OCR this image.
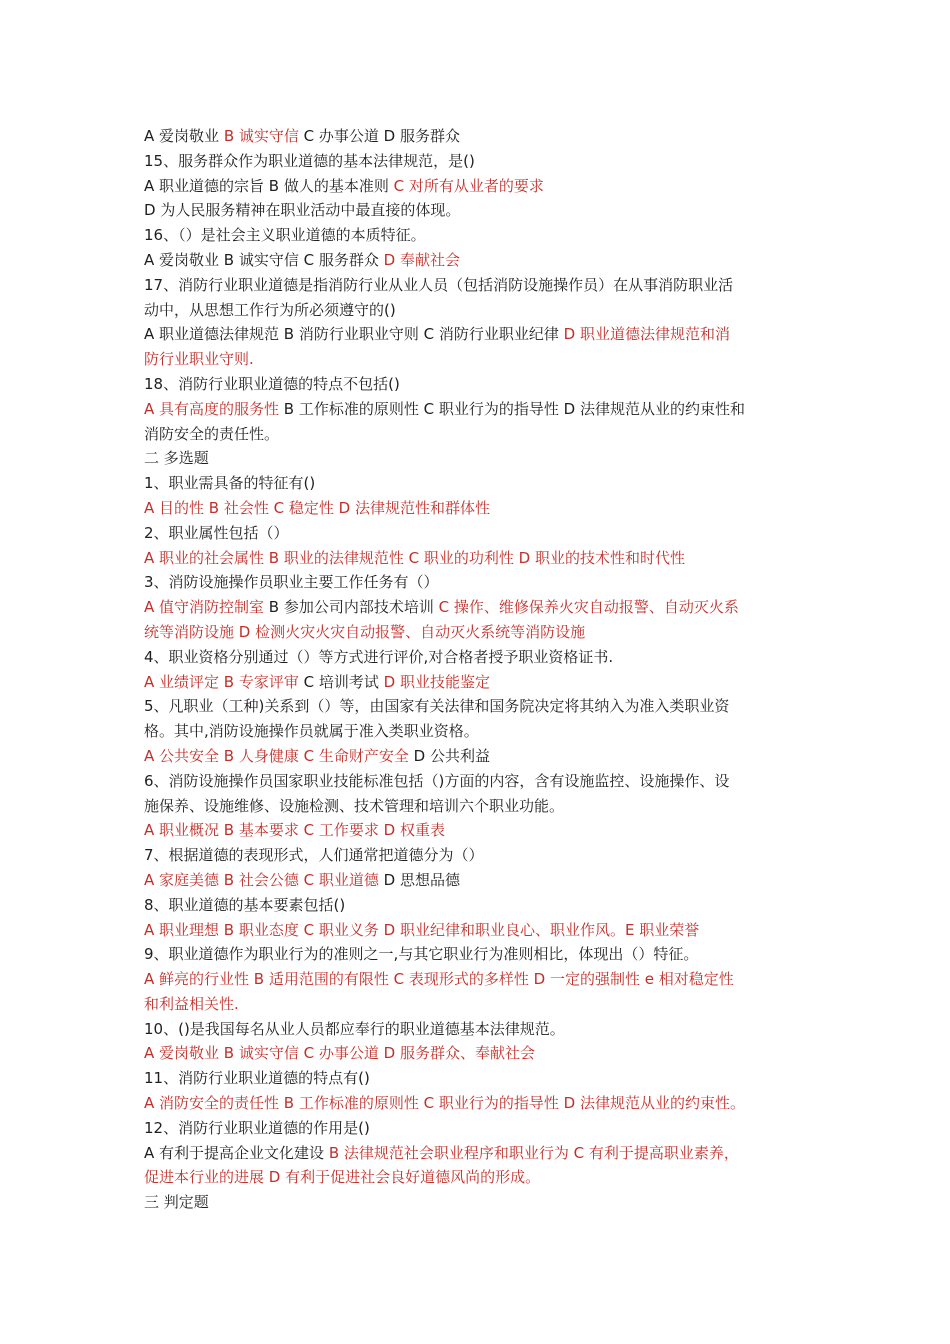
A 爱岗敬业 B 诚实守信 C 办事公道 D 服务群众
15、服务群众作为职业道德的基本法律规范，是()
A 职业道德的宗旨 B 做人的基本准则 C 对所有从业者的要求
D 为人民服务精神在职业活动中最直接的体现。
16、（）是社会主义职业道德的本质特征。
A 爱岗敬业 B 诚实守信 C 服务群众 D 奉献社会
17、消防行业职业道德是指消防行业从业人员（包括消防设施操作员）在从事消防职业活
动中，从思想工作行为所必须遵守的()
A 职业道德法律规范 B 消防行业职业守则 C 消防行业职业纪律 D 职业道德法律规范和消
防行业职业守则.
18、消防行业职业道德的特点不包括()
A 具有高度的服务性 B 工作标准的原则性 C 职业行为的指导性 D 法律规范从业的约束性和
消防安全的责任性。
二 多选题
1、职业需具备的特征有()
A 目的性 B 社会性 C 稳定性 D 法律规范性和群体性
2、职业属性包括（）
A 职业的社会属性 B 职业的法律规范性 C 职业的功利性 D 职业的技术性和时代性
3、消防设施操作员职业主要工作任务有（）
A 值守消防控制室 B 参加公司内部技术培训 C 操作、维修保养火灾自动报警、自动灭火系
统等消防设施 D 检测火灾火灾自动报警、自动灭火系统等消防设施
4、职业资格分别通过（）等方式进行评价,对合格者授予职业资格证书.
A 业绩评定 B 专家评审 C 培训考试 D 职业技能鉴定
5、凡职业（工种)关系到（）等，由国家有关法律和国务院决定将其纳入为准入类职业资
格。其中,消防设施操作员就属于准入类职业资格。
A 公共安全 B 人身健康 C 生命财产安全 D 公共利益
6、消防设施操作员国家职业技能标准包括（)方面的内容，含有设施监控、设施操作、设
施保养、设施维修、设施检测、技术管理和培训六个职业功能。
A 职业概况 B 基本要求 C 工作要求 D 权重表
7、根据道德的表现形式，人们通常把道德分为（）
A 家庭美德 B 社会公德 C 职业道德 D 思想品德
8、职业道德的基本要素包括()
A 职业理想 B 职业态度 C 职业义务 D 职业纪律和职业良心、职业作风。E 职业荣誉
9、职业道德作为职业行为的准则之一,与其它职业行为准则相比，体现出（）特征。
A 鲜亮的行业性 B 适用范围的有限性 C 表现形式的多样性 D 一定的强制性 e 相对稳定性
和利益相关性.
10、()是我国每名从业人员都应奉行的职业道德基本法律规范。
A 爱岗敬业 B 诚实守信 C 办事公道 D 服务群众、奉献社会
11、消防行业职业道德的特点有()
A 消防安全的责任性 B 工作标准的原则性 C 职业行为的指导性 D 法律规范从业的约束性。
12、消防行业职业道德的作用是()
A 有利于提高企业文化建设 B 法律规范社会职业程序和职业行为 C 有利于提高职业素养，
促进本行业的进展 D 有利于促进社会良好道德风尚的形成。
三 判定题
